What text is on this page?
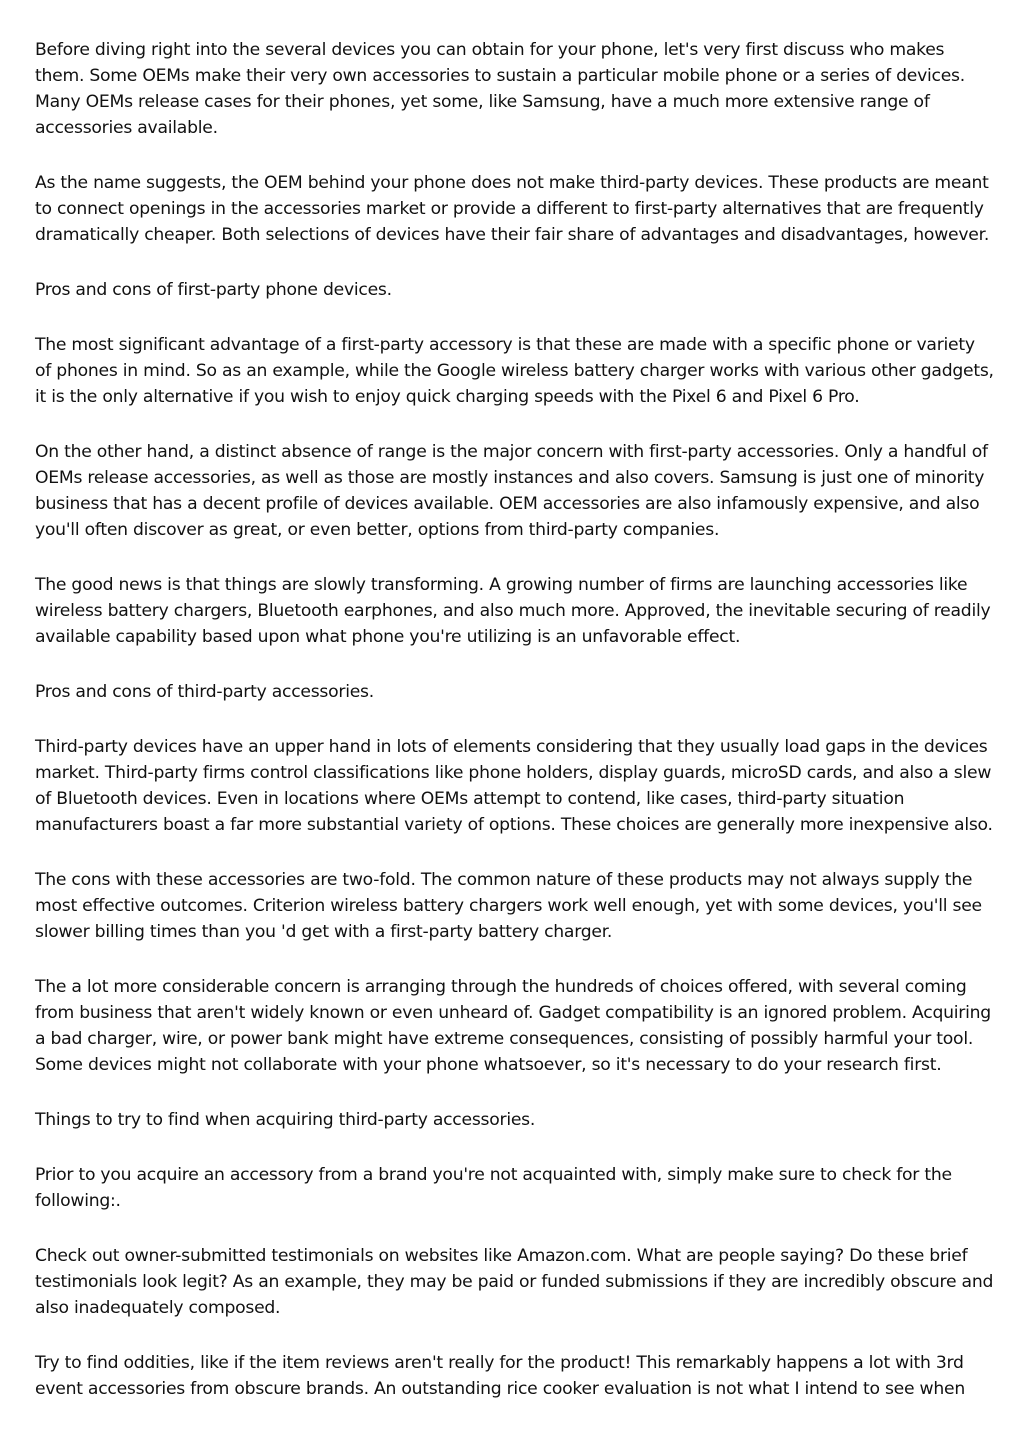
Before diving right into the several devices you can obtain for your phone, let's very first discuss who makes them. Some OEMs make their very own accessories to sustain a particular mobile phone or a series of devices. Many OEMs release cases for their phones, yet some, like Samsung, have a much more extensive range of accessories available.

As the name suggests, the OEM behind your phone does not make third-party devices. These products are meant to connect openings in the accessories market or provide a different to first-party alternatives that are frequently dramatically cheaper. Both selections of devices have their fair share of advantages and disadvantages, however.

Pros and cons of first-party phone devices.

The most significant advantage of a first-party accessory is that these are made with a specific phone or variety of phones in mind. So as an example, while the Google wireless battery charger works with various other gadgets, it is the only alternative if you wish to enjoy quick charging speeds with the Pixel 6 and Pixel 6 Pro.

On the other hand, a distinct absence of range is the major concern with first-party accessories. Only a handful of OEMs release accessories, as well as those are mostly instances and also covers. Samsung is just one of minority business that has a decent profile of devices available. OEM accessories are also infamously expensive, and also you'll often discover as great, or even better, options from third-party companies.

The good news is that things are slowly transforming. A growing number of firms are launching accessories like wireless battery chargers, Bluetooth earphones, and also much more. Approved, the inevitable securing of readily available capability based upon what phone you're utilizing is an unfavorable effect.

Pros and cons of third-party accessories.

Third-party devices have an upper hand in lots of elements considering that they usually load gaps in the devices market. Third-party firms control classifications like phone holders, display guards, microSD cards, and also a slew of Bluetooth devices. Even in locations where OEMs attempt to contend, like cases, third-party situation manufacturers boast a far more substantial variety of options. These choices are generally more inexpensive also.

The cons with these accessories are two-fold. The common nature of these products may not always supply the most effective outcomes. Criterion wireless battery chargers work well enough, yet with some devices, you'll see slower billing times than you 'd get with a first-party battery charger.

The a lot more considerable concern is arranging through the hundreds of choices offered, with several coming from business that aren't widely known or even unheard of. Gadget compatibility is an ignored problem. Acquiring a bad charger, wire, or power bank might have extreme consequences, consisting of possibly harmful your tool. Some devices might not collaborate with your phone whatsoever, so it's necessary to do your research first.

Things to try to find when acquiring third-party accessories.

Prior to you acquire an accessory from a brand you're not acquainted with, simply make sure to check for the following:.

Check out owner-submitted testimonials on websites like Amazon.com. What are people saying? Do these brief testimonials look legit? As an example, they may be paid or funded submissions if they are incredibly obscure and also inadequately composed.

Try to find oddities, like if the item reviews aren't really for the product! This remarkably happens a lot with 3rd event accessories from obscure brands. An outstanding rice cooker evaluation is not what I intend to see when
